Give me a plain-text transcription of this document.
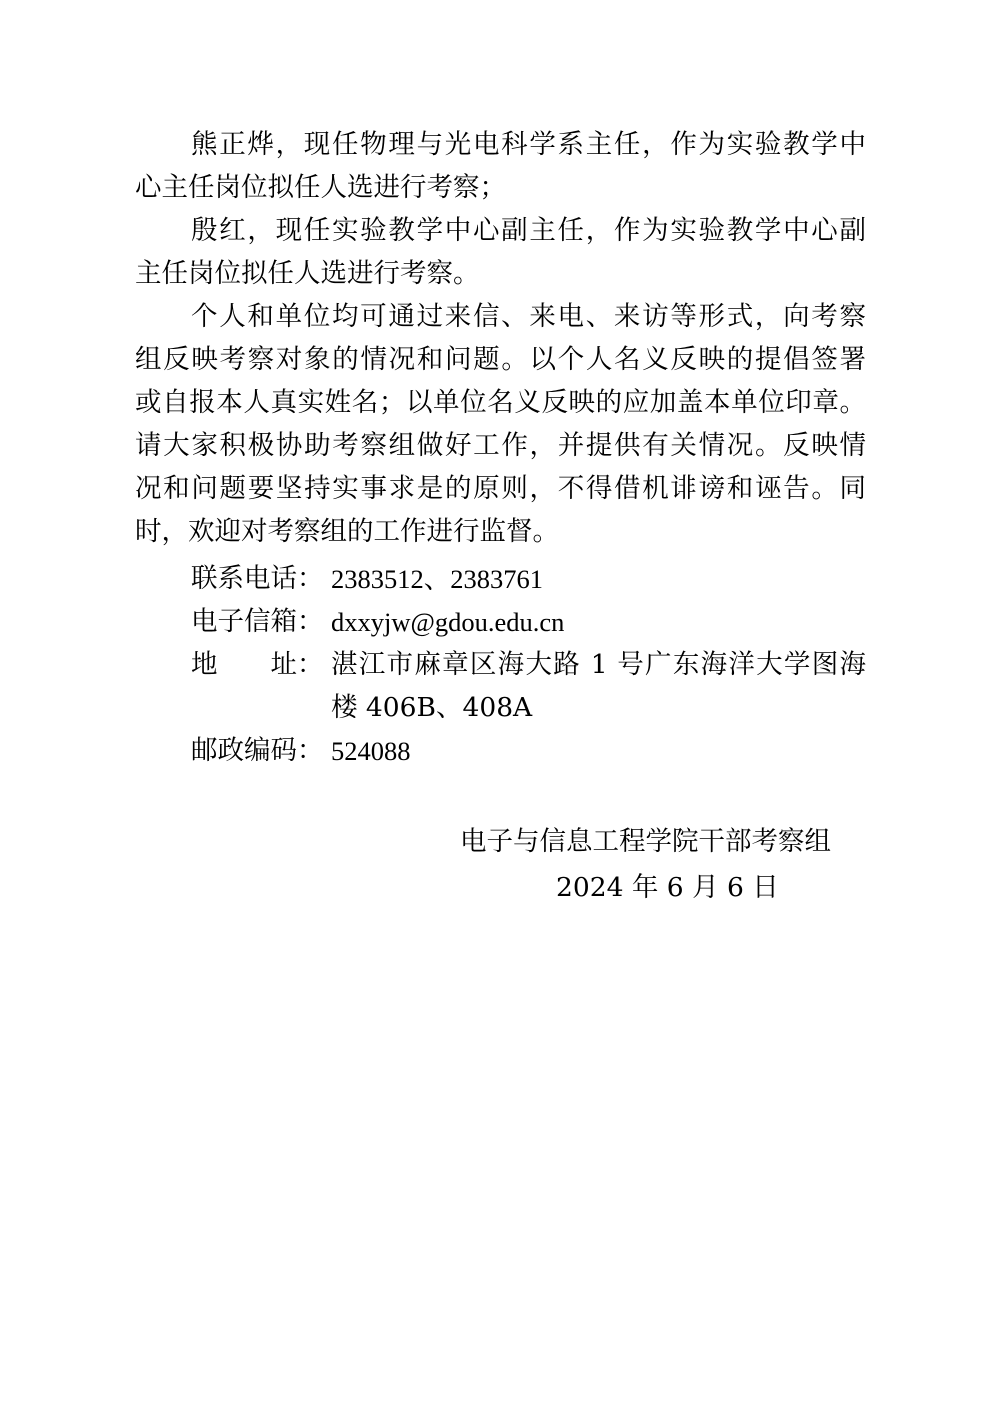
熊正烨，现任物理与光电科学系主任，作为实验教学中
心主任岗位拟任人选进行考察；
殷红，现任实验教学中心副主任，作为实验教学中心副
主任岗位拟任人选进行考察。
个人和单位均可通过来信、来电、来访等形式，向考察
组反映考察对象的情况和问题。以个人名义反映的提倡签署
或自报本人真实姓名；以单位名义反映的应加盖本单位印章。
请大家积极协助考察组做好工作，并提供有关情况。反映情
况和问题要坚持实事求是的原则，不得借机诽谤和诬告。同
时，欢迎对考察组的工作进行监督。
联系电话： 2383512、2383761
电子信箱： dxxyjw@gdou.edu.cn
地　　址： 湛江市麻章区海大路 1 号广东海洋大学图海
楼 406B、408A
邮政编码： 524088
电子与信息工程学院干部考察组
2024 年 6 月 6 日
